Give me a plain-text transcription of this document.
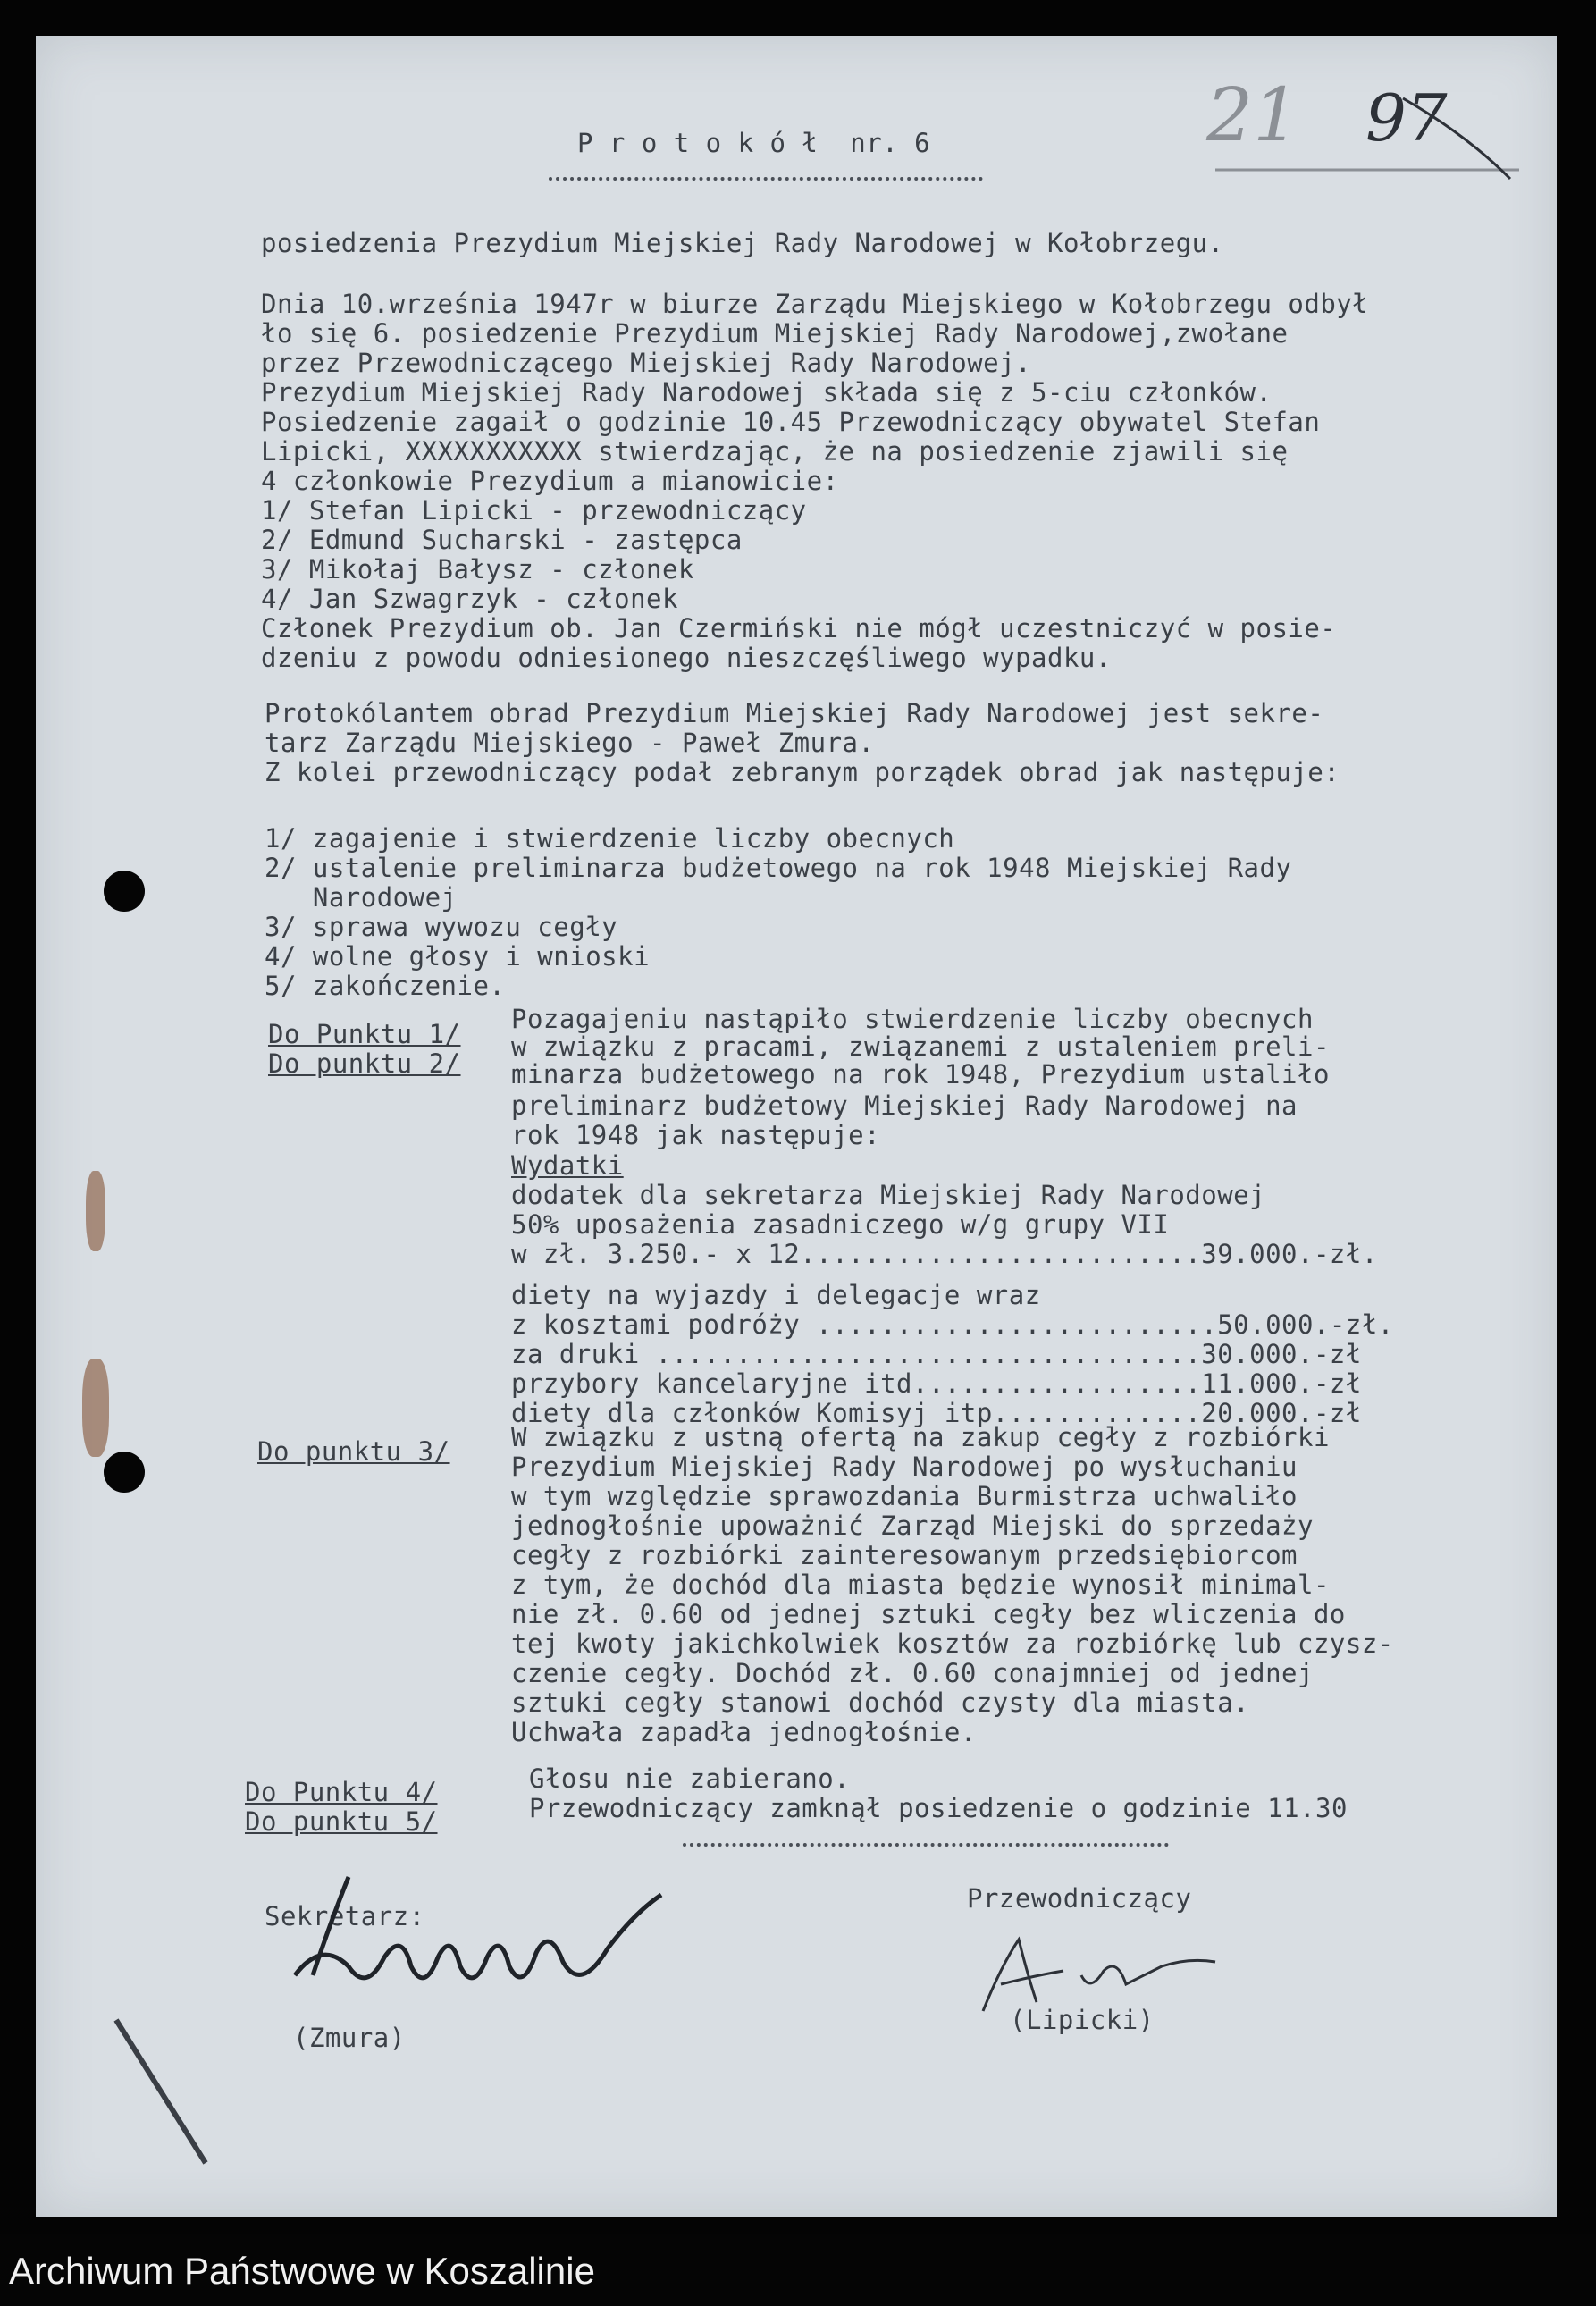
21 97

P r o t o k ó ł  nr. 6

posiedzenia Prezydium Miejskiej Rady Narodowej w Kołobrzegu.

Dnia 10.września 1947r w biurze Zarządu Miejskiego w Kołobrzegu odbył

ło się 6. posiedzenie Prezydium Miejskiej Rady Narodowej,zwołane

przez Przewodniczącego Miejskiej Rady Narodowej.

Prezydium Miejskiej Rady Narodowej składa się z 5-ciu członków.

Posiedzenie zagaił o godzinie 10.45 Przewodniczący obywatel Stefan

Lipicki, XXXXXXXXXXX stwierdzając, że na posiedzenie zjawili się

4 członkowie Prezydium a mianowicie:

1/ Stefan Lipicki - przewodniczący

2/ Edmund Sucharski - zastępca

3/ Mikołaj Bałysz - członek

4/ Jan Szwagrzyk - członek

Członek Prezydium ob. Jan Czermiński nie mógł uczestniczyć w posie-

dzeniu z powodu odniesionego nieszczęśliwego wypadku.

Protokólantem obrad Prezydium Miejskiej Rady Narodowej jest sekre-

tarz Zarządu Miejskiego - Paweł Zmura.

Z kolei przewodniczący podał zebranym porządek obrad jak następuje:

1/ zagajenie i stwierdzenie liczby obecnych

2/ ustalenie preliminarza budżetowego na rok 1948 Miejskiej Rady

Narodowej

3/ sprawa wywozu cegły

4/ wolne głosy i wnioski

5/ zakończenie.

Do Punktu 1/ Pozagajeniu nastąpiło stwierdzenie liczby obecnych

Do punktu 2/

w związku z pracami, związanemi z ustaleniem preli-

minarza budżetowego na rok 1948, Prezydium ustaliło

preliminarz budżetowy Miejskiej Rady Narodowej na

rok 1948 jak następuje:

Wydatki

dodatek dla sekretarza Miejskiej Rady Narodowej

50% uposażenia zasadniczego w/g grupy VII

w zł. 3.250.- x 12.........................39.000.-zł.

diety na wyjazdy i delegacje wraz

z kosztami podróży .........................50.000.-zł.

za druki ..................................30.000.-zł

przybory kancelaryjne itd..................11.000.-zł

diety dla członków Komisyj itp.............20.000.-zł

Do punktu 3/ W związku z ustną ofertą na zakup cegły z rozbiórki

Prezydium Miejskiej Rady Narodowej po wysłuchaniu

w tym względzie sprawozdania Burmistrza uchwaliło

jednogłośnie upoważnić Zarząd Miejski do sprzedaży

cegły z rozbiórki zainteresowanym przedsiębiorcom

z tym, że dochód dla miasta będzie wynosił minimal-

nie zł. 0.60 od jednej sztuki cegły bez wliczenia do

tej kwoty jakichkolwiek kosztów za rozbiórkę lub czysz-

czenie cegły. Dochód zł. 0.60 conajmniej od jednej

sztuki cegły stanowi dochód czysty dla miasta.

Uchwała zapadła jednogłośnie.

Do Punktu 4/	Głosu nie zabierano.

Do punktu 5/	Przewodniczący zamknął posiedzenie o godzinie 11.30

Sekretarz:

(Zmura)

Przewodniczący

(Lipicki)

Archiwum Państwowe w Koszalinie
